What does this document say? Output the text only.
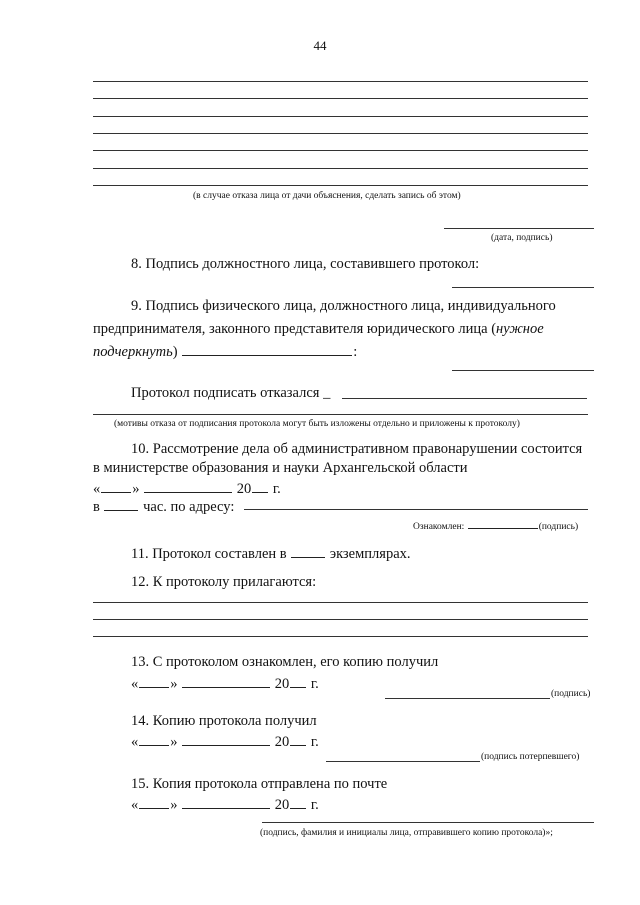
44
(в случае отказа лица от дачи объяснения, сделать запись об этом)
(дата, подпись)
8. Подпись должностного лица, составившего протокол:
9. Подпись физического лица, должностного лица, индивидуального
предпринимателя, законного представителя юридического лица (нужное
подчеркнуть)	:
Протокол подписать отказался _
(мотивы отказа от подписания протокола могут быть изложены отдельно и приложены к протоколу)
10. Рассмотрение дела об административном правонарушении состоится
в министерстве образования и науки Архангельской области
« »	20 г.
в	час. по адресу:
Ознакомлен:	(подпись)
11. Протокол составлен в	экземплярах.
12. К протоколу прилагаются:
13. С протоколом ознакомлен, его копию получил
« »	20 г.
(подпись)
14. Копию протокола получил
« »	20 г.
(подпись потерпевшего)
15. Копия протокола отправлена по почте
« »	20 г.
(подпись, фамилия и инициалы лица, отправившего копию протокола)»;
